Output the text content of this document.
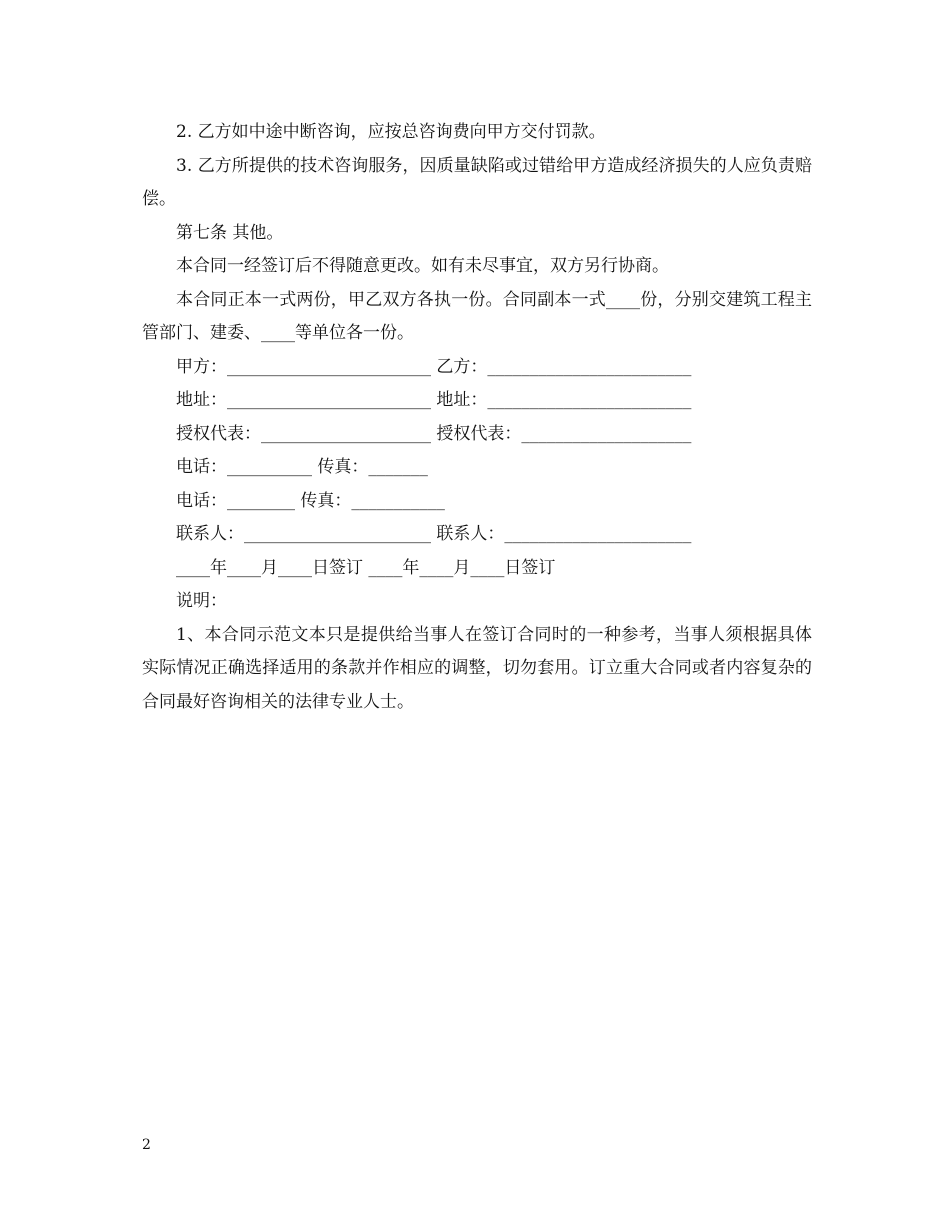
2. 乙方如中途中断咨询，应按总咨询费向甲方交付罚款。
3. 乙方所提供的技术咨询服务，因质量缺陷或过错给甲方造成经济损失的人应负责赔偿。
第七条 其他。
本合同一经签订后不得随意更改。如有未尽事宜，双方另行协商。
本合同正本一式两份，甲乙双方各执一份。合同副本一式____份，分别交建筑工程主管部门、建委、____等单位各一份。
甲方：________________________ 乙方：________________________
地址：________________________ 地址：________________________
授权代表：____________________ 授权代表：____________________
电话：__________ 传真：_______
电话：________ 传真：___________
联系人：______________________ 联系人：______________________
____年____月____日签订 ____年____月____日签订
说明：
1、本合同示范文本只是提供给当事人在签订合同时的一种参考，当事人须根据具体实际情况正确选择适用的条款并作相应的调整，切勿套用。订立重大合同或者内容复杂的合同最好咨询相关的法律专业人士。
2
